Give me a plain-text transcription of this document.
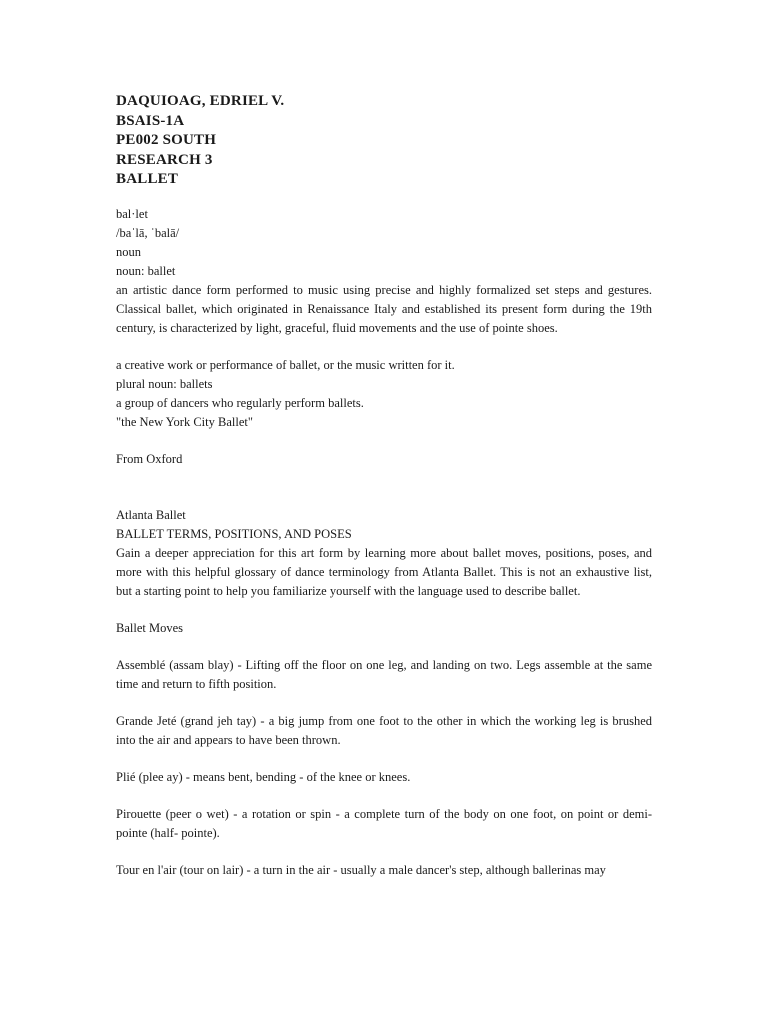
DAQUIOAG, EDRIEL V.

BSAIS-1A

PE002 SOUTH

RESEARCH 3

BALLET

bal·let

/baˈlā, ˈbalā/

noun

noun: ballet

an artistic dance form performed to music using precise and highly formalized set steps and gestures. Classical ballet, which originated in Renaissance Italy and established its present form during the 19th century, is characterized by light, graceful, fluid movements and the use of pointe shoes.

a creative work or performance of ballet, or the music written for it.

plural noun: ballets

a group of dancers who regularly perform ballets.

"the New York City Ballet"

From Oxford

Atlanta Ballet

BALLET TERMS, POSITIONS, AND POSES

Gain a deeper appreciation for this art form by learning more about ballet moves, positions, poses, and more with this helpful glossary of dance terminology from Atlanta Ballet. This is not an exhaustive list, but a starting point to help you familiarize yourself with the language used to describe ballet.

Ballet Moves

Assemblé (assam blay) - Lifting off the floor on one leg, and landing on two. Legs assemble at the same time and return to fifth position.

Grande Jeté (grand jeh tay) - a big jump from one foot to the other in which the working leg is brushed into the air and appears to have been thrown.

Plié (plee ay) - means bent, bending - of the knee or knees.

Pirouette (peer o wet) - a rotation or spin - a complete turn of the body on one foot, on point or demi-pointe (half- pointe).

Tour en l'air (tour on lair) - a turn in the air - usually a male dancer's step, although ballerinas may
